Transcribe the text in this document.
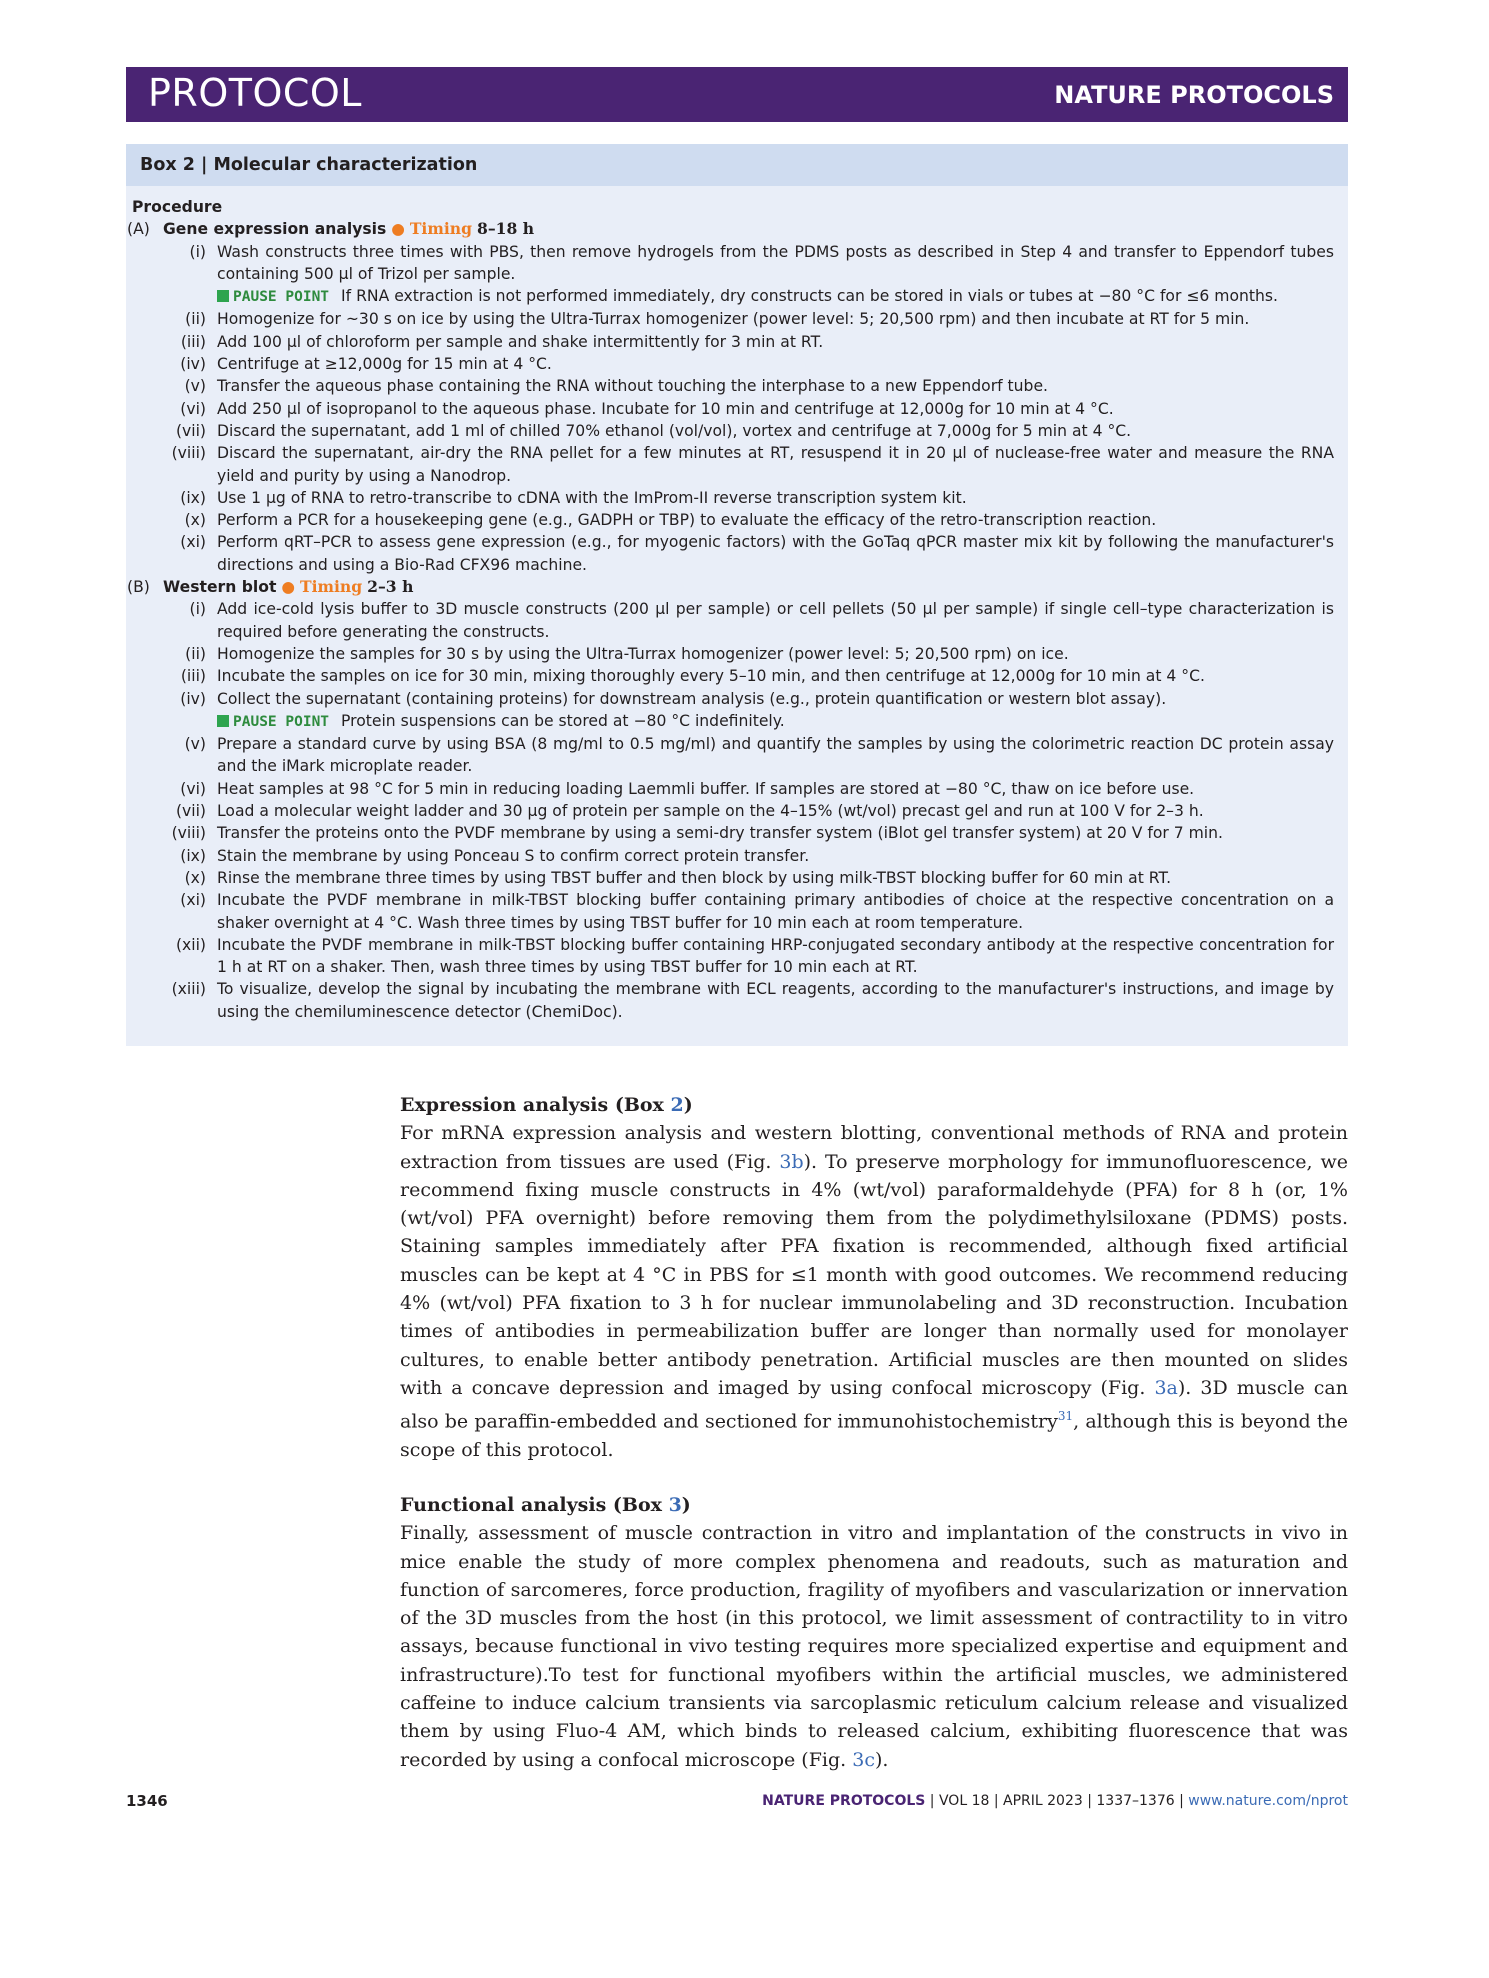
PROTOCOL	NATURE PROTOCOLS
Box 2 | Molecular characterization
Procedure
(A) Gene expression analysis ● Timing 8–18 h
(i) Wash constructs three times with PBS, then remove hydrogels from the PDMS posts as described in Step 4 and transfer to Eppendorf tubes containing 500 µl of Trizol per sample.
PAUSE POINT If RNA extraction is not performed immediately, dry constructs can be stored in vials or tubes at −80 °C for ≤6 months.
(ii) Homogenize for ~30 s on ice by using the Ultra-Turrax homogenizer (power level: 5; 20,500 rpm) and then incubate at RT for 5 min.
(iii) Add 100 µl of chloroform per sample and shake intermittently for 3 min at RT.
(iv) Centrifuge at ≥12,000g for 15 min at 4 °C.
(v) Transfer the aqueous phase containing the RNA without touching the interphase to a new Eppendorf tube.
(vi) Add 250 µl of isopropanol to the aqueous phase. Incubate for 10 min and centrifuge at 12,000g for 10 min at 4 °C.
(vii) Discard the supernatant, add 1 ml of chilled 70% ethanol (vol/vol), vortex and centrifuge at 7,000g for 5 min at 4 °C.
(viii) Discard the supernatant, air-dry the RNA pellet for a few minutes at RT, resuspend it in 20 µl of nuclease-free water and measure the RNA yield and purity by using a Nanodrop.
(ix) Use 1 µg of RNA to retro-transcribe to cDNA with the ImProm-II reverse transcription system kit.
(x) Perform a PCR for a housekeeping gene (e.g., GADPH or TBP) to evaluate the efficacy of the retro-transcription reaction.
(xi) Perform qRT–PCR to assess gene expression (e.g., for myogenic factors) with the GoTaq qPCR master mix kit by following the manufacturer's directions and using a Bio-Rad CFX96 machine.
(B) Western blot ● Timing 2–3 h
(i) Add ice-cold lysis buffer to 3D muscle constructs (200 µl per sample) or cell pellets (50 µl per sample) if single cell–type characterization is required before generating the constructs.
(ii) Homogenize the samples for 30 s by using the Ultra-Turrax homogenizer (power level: 5; 20,500 rpm) on ice.
(iii) Incubate the samples on ice for 30 min, mixing thoroughly every 5–10 min, and then centrifuge at 12,000g for 10 min at 4 °C.
(iv) Collect the supernatant (containing proteins) for downstream analysis (e.g., protein quantification or western blot assay).
PAUSE POINT Protein suspensions can be stored at −80 °C indefinitely.
(v) Prepare a standard curve by using BSA (8 mg/ml to 0.5 mg/ml) and quantify the samples by using the colorimetric reaction DC protein assay and the iMark microplate reader.
(vi) Heat samples at 98 °C for 5 min in reducing loading Laemmli buffer. If samples are stored at −80 °C, thaw on ice before use.
(vii) Load a molecular weight ladder and 30 µg of protein per sample on the 4–15% (wt/vol) precast gel and run at 100 V for 2–3 h.
(viii) Transfer the proteins onto the PVDF membrane by using a semi-dry transfer system (iBlot gel transfer system) at 20 V for 7 min.
(ix) Stain the membrane by using Ponceau S to confirm correct protein transfer.
(x) Rinse the membrane three times by using TBST buffer and then block by using milk-TBST blocking buffer for 60 min at RT.
(xi) Incubate the PVDF membrane in milk-TBST blocking buffer containing primary antibodies of choice at the respective concentration on a shaker overnight at 4 °C. Wash three times by using TBST buffer for 10 min each at room temperature.
(xii) Incubate the PVDF membrane in milk-TBST blocking buffer containing HRP-conjugated secondary antibody at the respective concentration for 1 h at RT on a shaker. Then, wash three times by using TBST buffer for 10 min each at RT.
(xiii) To visualize, develop the signal by incubating the membrane with ECL reagents, according to the manufacturer's instructions, and image by using the chemiluminescence detector (ChemiDoc).
Expression analysis (Box 2)

For mRNA expression analysis and western blotting, conventional methods of RNA and protein extraction from tissues are used (Fig. 3b). To preserve morphology for immunofluorescence, we recommend fixing muscle constructs in 4% (wt/vol) paraformaldehyde (PFA) for 8 h (or, 1% (wt/vol) PFA overnight) before removing them from the polydimethylsiloxane (PDMS) posts. Staining samples immediately after PFA fixation is recommended, although fixed artificial muscles can be kept at 4 °C in PBS for ≤1 month with good outcomes. We recommend reducing 4% (wt/vol) PFA fixation to 3 h for nuclear immunolabeling and 3D reconstruction. Incubation times of antibodies in permeabilization buffer are longer than normally used for monolayer cultures, to enable better antibody penetration. Artificial muscles are then mounted on slides with a concave depression and imaged by using confocal microscopy (Fig. 3a). 3D muscle can also be paraffin-embedded and sectioned for immunohistochemistry$^{31}$, although this is beyond the scope of this protocol.

Functional analysis (Box 3)

Finally, assessment of muscle contraction in vitro and implantation of the constructs in vivo in mice enable the study of more complex phenomena and readouts, such as maturation and function of sarcomeres, force production, fragility of myofibers and vascularization or innervation of the 3D muscles from the host (in this protocol, we limit assessment of contractility to in vitro assays, because functional in vivo testing requires more specialized expertise and equipment and infrastructure).To test for functional myofibers within the artificial muscles, we administered caffeine to induce calcium transients via sarcoplasmic reticulum calcium release and visualized them by using Fluo-4 AM, which binds to released calcium, exhibiting fluorescence that was recorded by using a confocal microscope (Fig. 3c).

1346	NATURE PROTOCOLS | VOL 18 | APRIL 2023 | 1337–1376 | www.nature.com/nprot
